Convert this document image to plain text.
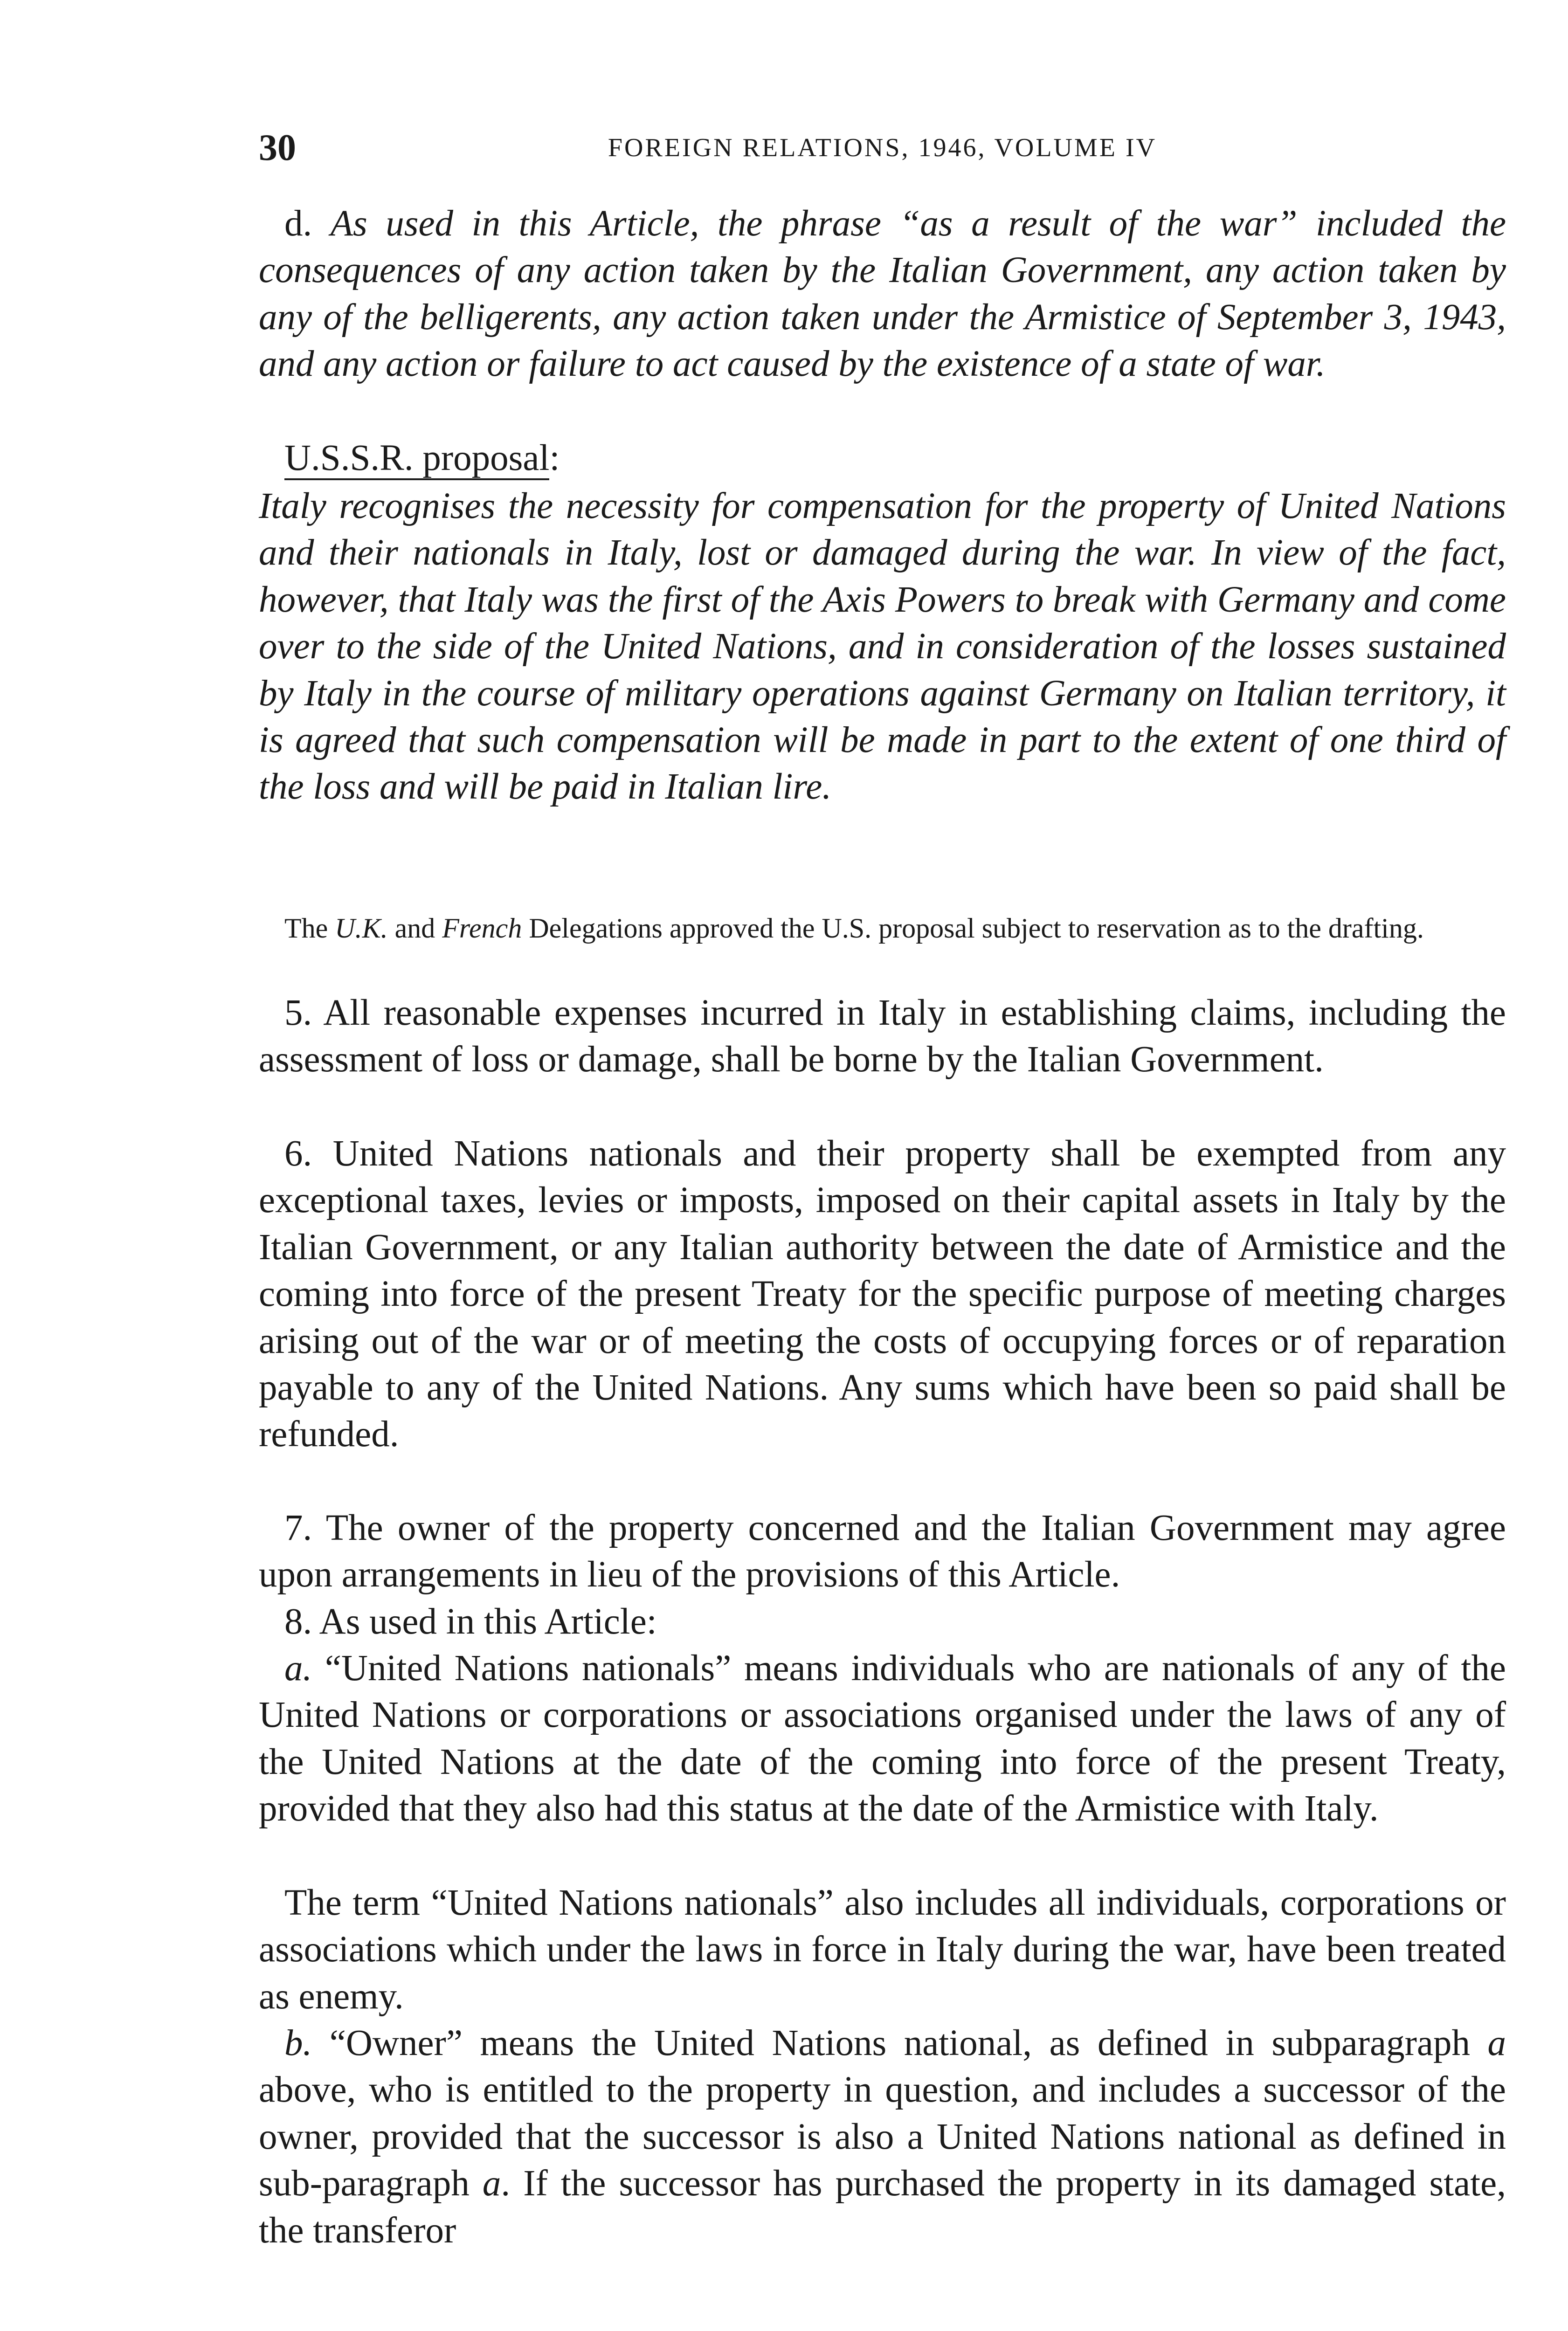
30	FOREIGN RELATIONS, 1946, VOLUME IV

d. As used in this Article, the phrase “as a result of the war” included the consequences of any action taken by the Italian Government, any action taken by any of the belligerents, any action taken under the Armistice of September 3, 1943, and any action or failure to act caused by the existence of a state of war.

U.S.S.R. proposal:

Italy recognises the necessity for compensation for the property of United Nations and their nationals in Italy, lost or damaged during the war. In view of the fact, however, that Italy was the first of the Axis Powers to break with Germany and come over to the side of the United Nations, and in consideration of the losses sustained by Italy in the course of military operations against Germany on Italian territory, it is agreed that such compensation will be made in part to the extent of one third of the loss and will be paid in Italian lire.

The U.K. and French Delegations approved the U.S. proposal subject to reservation as to the drafting.

5. All reasonable expenses incurred in Italy in establishing claims, including the assessment of loss or damage, shall be borne by the Italian Government.

6. United Nations nationals and their property shall be exempted from any exceptional taxes, levies or imposts, imposed on their capital assets in Italy by the Italian Government, or any Italian authority between the date of Armistice and the coming into force of the present Treaty for the specific purpose of meeting charges arising out of the war or of meeting the costs of occupying forces or of reparation payable to any of the United Nations. Any sums which have been so paid shall be refunded.

7. The owner of the property concerned and the Italian Government may agree upon arrangements in lieu of the provisions of this Article.

8. As used in this Article:

a. “United Nations nationals” means individuals who are nationals of any of the United Nations or corporations or associations organised under the laws of any of the United Nations at the date of the coming into force of the present Treaty, provided that they also had this status at the date of the Armistice with Italy.

The term “United Nations nationals” also includes all individuals, corporations or associations which under the laws in force in Italy during the war, have been treated as enemy.

b. “Owner” means the United Nations national, as defined in subparagraph a above, who is entitled to the property in question, and includes a successor of the owner, provided that the successor is also a United Nations national as defined in sub-paragraph a. If the successor has purchased the property in its damaged state, the transferor
